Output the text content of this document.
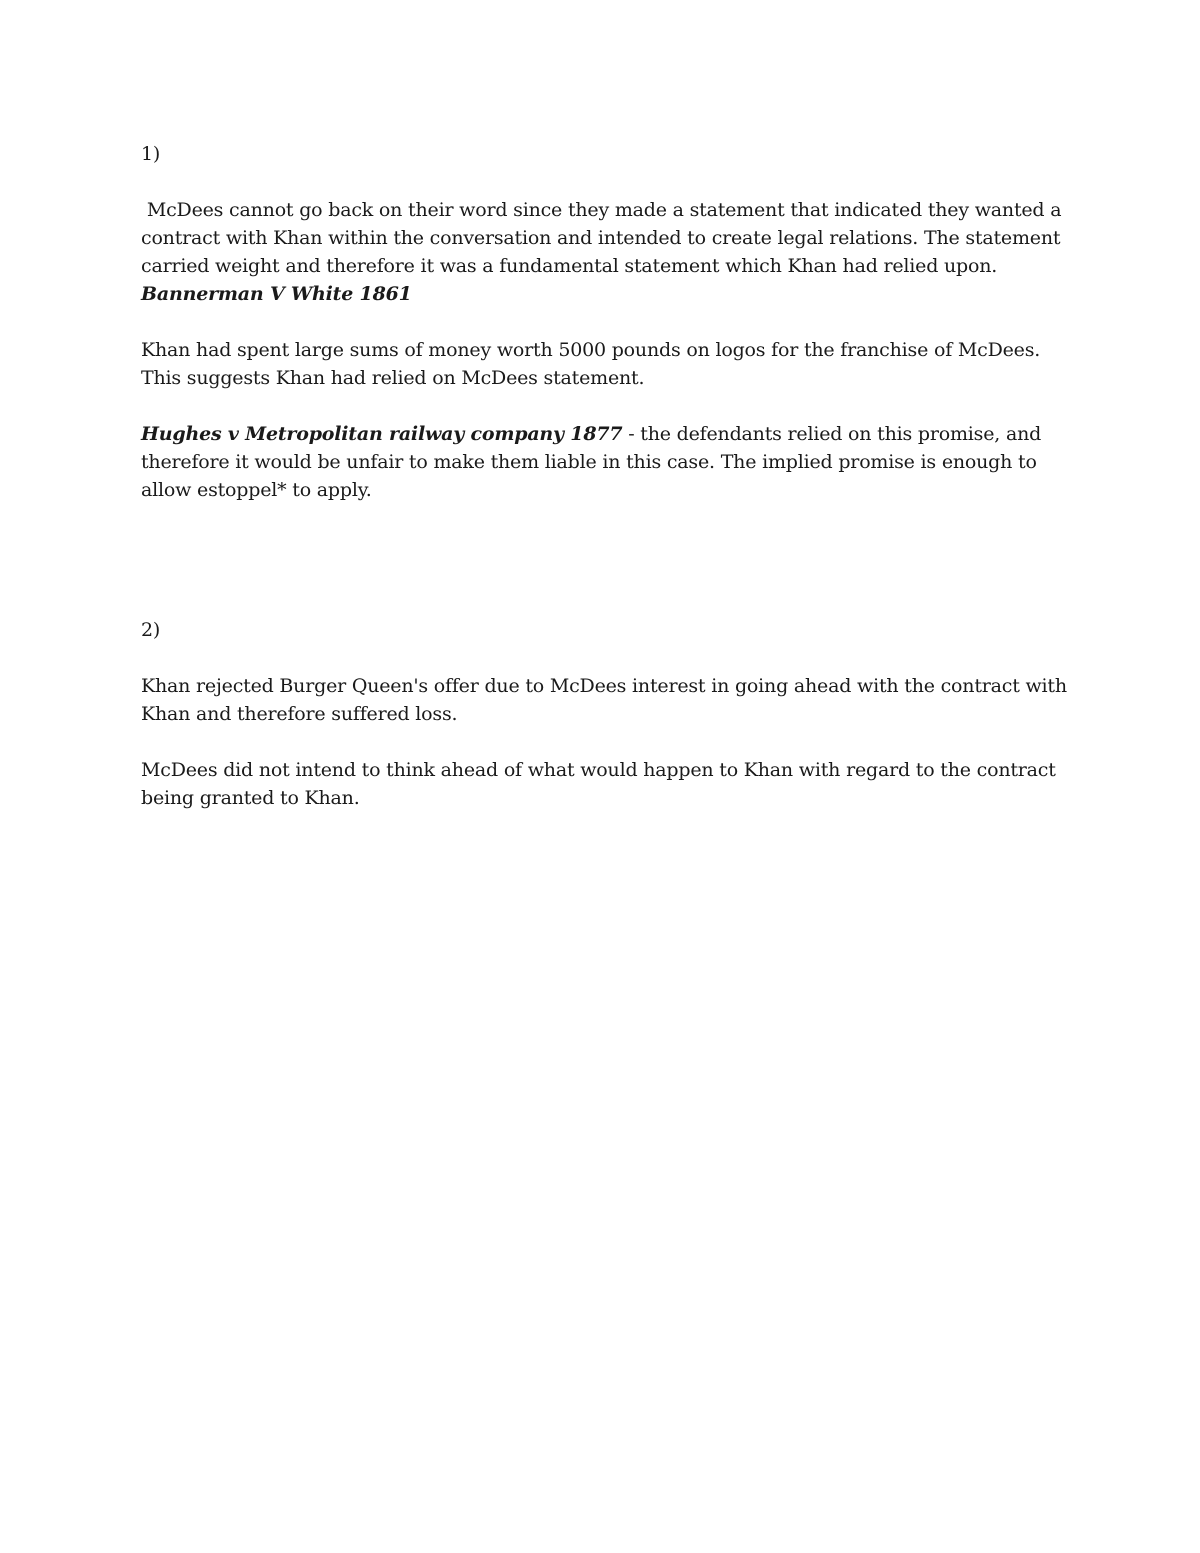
1)

McDees cannot go back on their word since they made a statement that indicated they wanted a contract with Khan within the conversation and intended to create legal relations. The statement carried weight and therefore it was a fundamental statement which Khan had relied upon.

Bannerman V White 1861

Khan had spent large sums of money worth 5000 pounds on logos for the franchise of McDees. This suggests Khan had relied on McDees statement.

Hughes v Metropolitan railway company 1877 - the defendants relied on this promise, and therefore it would be unfair to make them liable in this case. The implied promise is enough to allow estoppel* to apply.

2)

Khan rejected Burger Queen's offer due to McDees interest in going ahead with the contract with Khan and therefore suffered loss.

McDees did not intend to think ahead of what would happen to Khan with regard to the contract being granted to Khan.
